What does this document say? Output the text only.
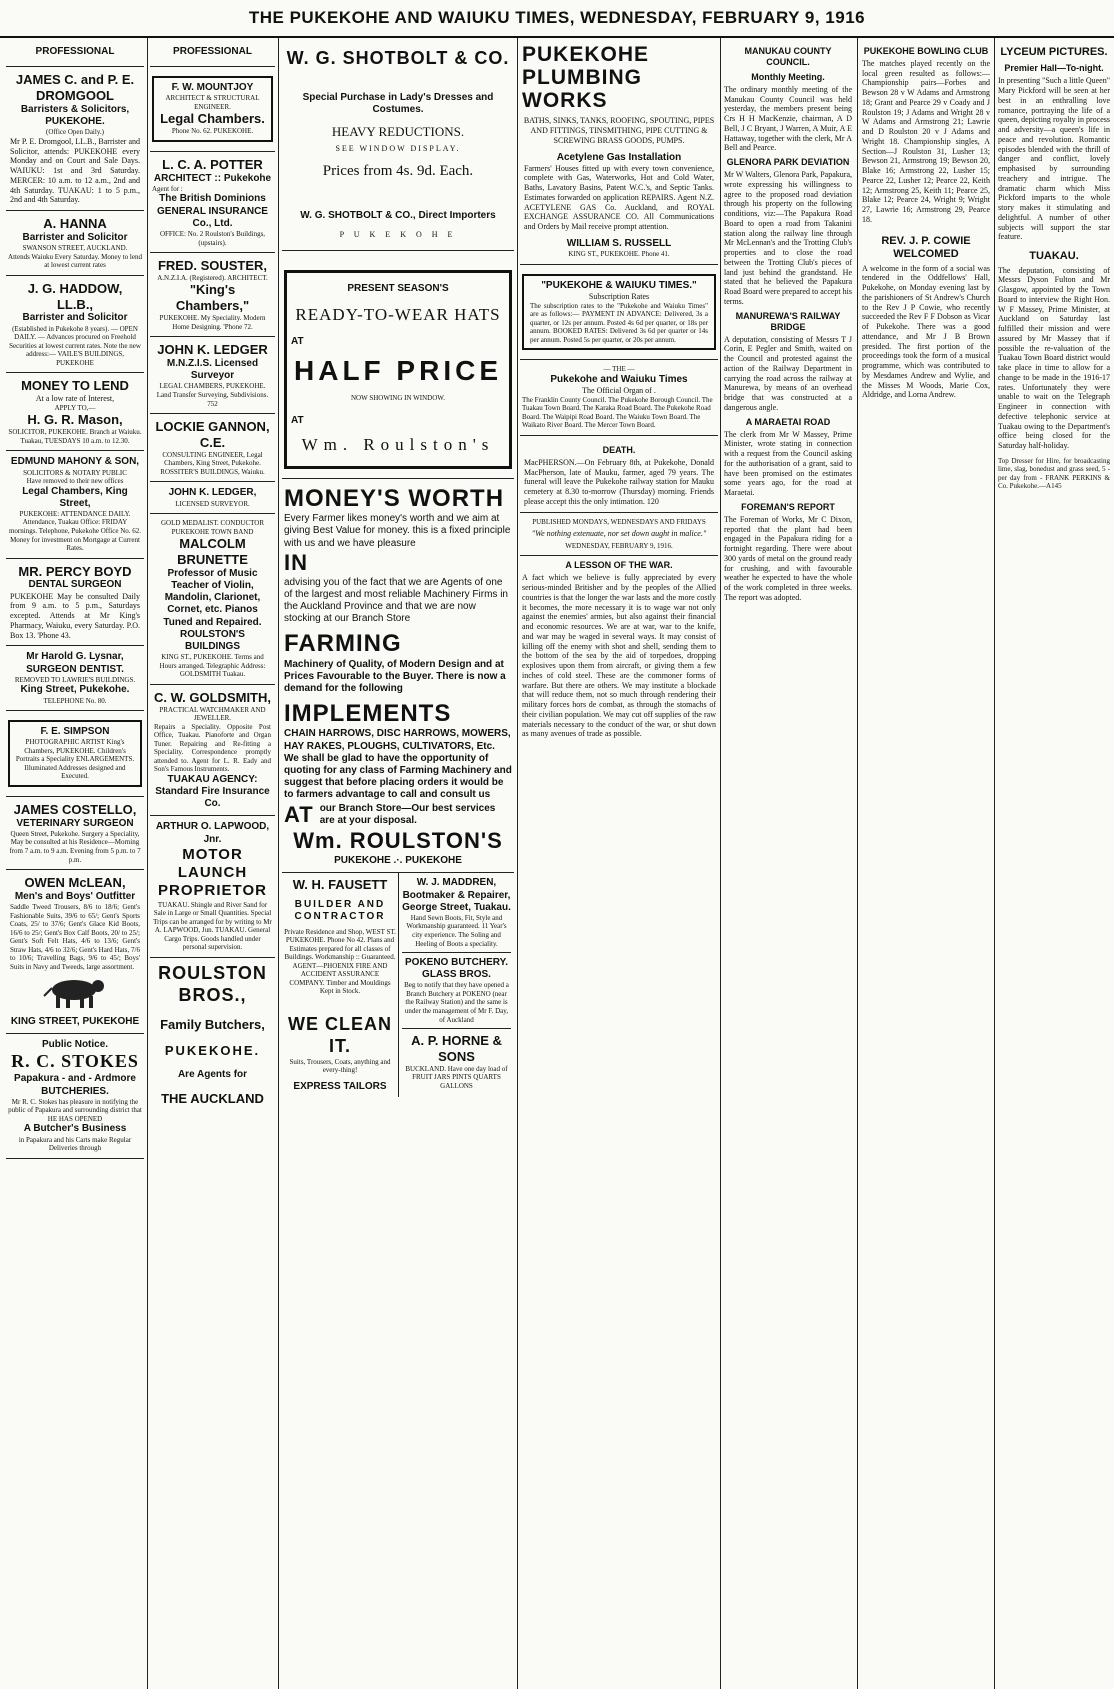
THE PUKEKOHE AND WAIUKU TIMES, WEDNESDAY, FEBRUARY 9, 1916
PROFESSIONAL
JAMES C. and P. E. DROMGOOL
Barristers & Solicitors, PUKEKOHE.
(Office Open Daily.)
Mr P. E. Dromgool, LL.B., Barrister and Solicitor, attends: PUKEKOHE every Monday and on Court and Sale Days. WAIUKU: 1st and 3rd Saturday. MERCER: 10 a.m. to 12 a.m., 2nd and 4th Saturday. TUAKAU: 1 to 5 p.m., 2nd and 4th Saturday.
A. HANNA
Barrister and Solicitor
SWANSON STREET, AUCKLAND.
Attends Waiuku Every Saturday. Money to lend at lowest current rates
J. G. HADDOW, LL.B.,
Barrister and Solicitor
(Established in Pukekohe 8 years). — OPEN DAILY. — Advances procured on Freehold Securities at lowest current rates. Note the new address:— VAILE'S BUILDINGS, PUKEKOHE
MONEY TO LEND
At a low rate of Interest,
APPLY TO,—
H. G. R. Mason,
SOLICITOR, PUKEKOHE. Branch at Waiuku. Tuakau, TUESDAYS 10 a.m. to 12.30.
EDMUND MAHONY & SON,
SOLICITORS & NOTARY PUBLIC
Have removed to their new offices
Legal Chambers, King Street,
PUKEKOHE: ATTENDANCE DAILY. Attendance, Tuakau Office: FRIDAY mornings. Telephone, Pukekohe Office No. 62. Money for investment on Mortgage at Current Rates.
MR. PERCY BOYD
DENTAL SURGEON
PUKEKOHE May be consulted Daily from 9 a.m. to 5 p.m., Saturdays excepted. Attends at Mr King's Pharmacy, Waiuku, every Saturday. P.O. Box 13. 'Phone 43.
Mr Harold G. Lysnar,
SURGEON DENTIST.
REMOVED TO LAWRIE'S BUILDINGS.
King Street, Pukekohe.
TELEPHONE No. 80.
F. E. SIMPSON
PHOTOGRAPHIC ARTIST King's Chambers, PUKEKOHE. Children's Portraits a Speciality ENLARGEMENTS. Illuminated Addresses designed and Executed.
JAMES COSTELLO,
VETERINARY SURGEON
Queen Street, Pukekohe. Surgery a Speciality, May be consulted at his Residence—Morning from 7 a.m. to 9 a.m. Evening from 5 p.m. to 7 p.m.
OWEN McLEAN,
Men's and Boys' Outfitter
Saddle Tweed Trousers, 8/6 to 18/6; Gent's Fashionable Suits, 39/6 to 65/; Gent's Sports Coats, 25/ to 37/6; Gent's Glace Kid Boots, 16/6 to 25/; Gent's Box Calf Boots, 20/ to 25/; Gent's Soft Felt Hats, 4/6 to 13/6; Gent's Straw Hats, 4/6 to 32/6; Gent's Hard Hats, 7/6 to 10/6; Travelling Bags, 9/6 to 45/; Boys' Suits in Navy and Tweeds, large assortment.
KING STREET, PUKEKOHE
Public Notice.
R. C. STOKES
Papakura - and - Ardmore BUTCHERIES.
Mr R. C. Stokes has pleasure in notifying the public of Papakura and surrounding district that HE HAS OPENED
A Butcher's Business
in Papakura and his Carts make Regular Deliveries through
PROFESSIONAL
F. W. MOUNTJOY
ARCHITECT & STRUCTURAL ENGINEER.
Legal Chambers.
Phone No. 62. PUKEKOHE.
L. C. A. POTTER
ARCHITECT :: Pukekohe
Agent for :
The British Dominions GENERAL INSURANCE Co., Ltd.
OFFICE: No. 2 Roulston's Buildings, (upstairs).
FRED. SOUSTER,
A.N.Z.I.A. (Registered). ARCHITECT.
"King's Chambers,"
PUKEKOHE. My Speciality. Modern Home Designing. 'Phone 72.
JOHN K. LEDGER
M.N.Z.I.S. Licensed Surveyor
LEGAL CHAMBERS, PUKEKOHE. Land Transfer Surveying, Subdivisions. 752
LOCKIE GANNON, C.E.
CONSULTING ENGINEER, Legal Chambers, King Street, Pukekohe. ROSSITER'S BUILDINGS, Waiuku.
JOHN K. LEDGER,
LICENSED SURVEYOR.
GOLD MEDALIST. CONDUCTOR PUKEKOHE TOWN BAND
MALCOLM BRUNETTE
Professor of Music Teacher of Violin, Mandolin, Clarionet, Cornet, etc. Pianos Tuned and Repaired.
ROULSTON'S BUILDINGS
KING ST., PUKEKOHE. Terms and Hours arranged. Telegraphic Address: GOLDSMITH Tuakau.
C. W. GOLDSMITH,
PRACTICAL WATCHMAKER AND JEWELLER.
Repairs a Speciality. Opposite Post Office, Tuakau. Pianoforte and Organ Tuner. Repairing and Re-fitting a Speciality. Correspondence promptly attended to. Agent for L. R. Eady and Son's Famous Instruments.
TUAKAU AGENCY: Standard Fire Insurance Co.
ARTHUR O. LAPWOOD, Jnr.
MOTOR LAUNCH PROPRIETOR
TUAKAU. Shingle and River Sand for Sale in Large or Small Quantities. Special Trips can be arranged for by writing to Mr A. LAPWOOD, Jun. TUAKAU. General Cargo Trips. Goods handled under personal supervision.
ROULSTON BROS.,
Family Butchers,
PUKEKOHE.
Are Agents for
THE AUCKLAND
W. G. SHOTBOLT & CO.
Special Purchase in Lady's Dresses and Costumes.
HEAVY REDUCTIONS.
SEE WINDOW DISPLAY.
Prices from 4s. 9d. Each.
W. G. SHOTBOLT & CO., Direct Importers
P U K E K O H E
PRESENT SEASON'S
READY-TO-WEAR HATS
AT
HALF PRICE
NOW SHOWING IN WINDOW.
AT
Wm. Roulston's
MONEY'S WORTH
Every Farmer likes money's worth and we aim at giving Best Value for money. this is a fixed principle with us and we have pleasure
IN
advising you of the fact that we are Agents of one of the largest and most reliable Machinery Firms in the Auckland Province and that we are now stocking at our Branch Store
FARMING
Machinery of Quality, of Modern Design and at Prices Favourable to the Buyer. There is now a demand for the following
IMPLEMENTS
CHAIN HARROWS, DISC HARROWS, MOWERS, HAY RAKES, PLOUGHS, CULTIVATORS, Etc.
We shall be glad to have the opportunity of quoting for any class of Farming Machinery and suggest that before placing orders it would be to farmers advantage to call and consult us
AT our Branch Store—Our best services are at your disposal.
Wm. ROULSTON'S
PUKEKOHE .·. PUKEKOHE
W. H. FAUSETT
BUILDER AND CONTRACTOR
Private Residence and Shop, WEST ST. PUKEKOHE. Phone No 42. Plans and Estimates prepared for all classes of Buildings. Workmanship :: Guaranteed. AGENT—PHOENIX FIRE AND ACCIDENT ASSURANCE COMPANY. Timber and Mouldings Kept in Stock.
WE CLEAN IT.
Suits, Trousers, Coats, anything and every-thing!
EXPRESS TAILORS
W. J. MADDREN,
Bootmaker & Repairer, George Street, Tuakau.
Hand Sewn Boots, Fit, Style and Workmanship guaranteed. 11 Year's city experience. The Soling and Heeling of Boots a speciality.
POKENO BUTCHERY.
GLASS BROS.
Beg to notify that they have opened a Branch Butchery at POKENO (near the Railway Station) and the same is under the management of Mr F. Day, of Auckland
A. P. HORNE & SONS
BUCKLAND. Have one day load of FRUIT JARS PINTS QUARTS GALLONS
PUKEKOHE PLUMBING WORKS
BATHS, SINKS, TANKS, ROOFING, SPOUTING, PIPES AND FITTINGS, TINSMITHING, PIPE CUTTING & SCREWING BRASS GOODS, PUMPS.
Acetylene Gas Installation
Farmers' Houses fitted up with every town convenience, complete with Gas, Waterworks, Hot and Cold Water, Baths, Lavatory Basins, Patent W.C.'s, and Septic Tanks. Estimates forwarded on application REPAIRS. Agent N.Z. ACETYLENE GAS Co. Auckland, and ROYAL EXCHANGE ASSURANCE CO. All Communications and Orders by Mail receive prompt attention.
WILLIAM S. RUSSELL
KING ST., PUKEKOHE. Phone 41.
"PUKEKOHE & WAIUKU TIMES."
Subscription Rates
The subscription rates to the "Pukekohe and Waiuku Times" are as follows:— PAYMENT IN ADVANCE: Delivered, 3s a quarter, or 12s per annum. Posted 4s 6d per quarter, or 18s per annum. BOOKED RATES: Delivered 3s 6d per quarter or 14s per annum. Posted 5s per quarter, or 20s per annum.
— THE —
Pukekohe and Waiuku Times
The Official Organ of .
The Franklin County Council. The Pukekohe Borough Council. The Tuakau Town Board. The Karaka Road Board. The Pukekohe Road Board. The Waipipi Road Board. The Waiuku Town Board. The Waikato River Board. The Mercer Town Board.
DEATH.
MacPHERSON.—On February 8th, at Pukekohe, Donald MacPherson, late of Mauku, farmer, aged 79 years. The funeral will leave the Pukekohe railway station for Mauku cemetery at 8.30 to-morrow (Thursday) morning. Friends please accept this the only intimation. 120
PUBLISHED MONDAYS, WEDNESDAYS AND FRIDAYS
"We nothing extenuate, nor set down aught in malice."
WEDNESDAY, FEBRUARY 9, 1916.
A LESSON OF THE WAR.
A fact which we believe is fully appreciated by every serious-minded Britisher and by the peoples of the Allied countries is that the longer the war lasts and the more costly it becomes, the more necessary it is to wage war not only against the enemies' armies, but also against their financial and economic resources. We are at war, war to the knife, and war may be waged in several ways. It may consist of killing off the enemy with shot and shell, sending them to the bottom of the sea by the aid of torpedoes, dropping explosives upon them from aircraft, or giving them a few inches of cold steel. These are the commoner forms of warfare. But there are others. We may institute a blockade that will reduce them, not so much through rendering their military forces hors de combat, as through the stomachs of their civilian population. We may cut off supplies of the raw materials necessary to the conduct of the war, or shut down as many avenues of trade as possible.
MANUKAU COUNTY COUNCIL.
Monthly Meeting.
The ordinary monthly meeting of the Manukau County Council was held yesterday, the members present being Crs H H MacKenzie, chairman, A D Bell, J C Bryant, J Warren, A Muir, A E Hattaway, together with the clerk, Mr A Bell and Pearce.
GLENORA PARK DEVIATION
Mr W Walters, Glenora Park, Papakura, wrote expressing his willingness to agree to the proposed road deviation through his property on the following conditions, viz:—The Papakura Road Board to open a road from Takanini station along the railway line through Mr McLennan's and the Trotting Club's properties and to close the road between the Trotting Club's pieces of land just behind the grandstand. He stated that he believed the Papakura Road Board were prepared to accept his terms.
MANUREWA'S RAILWAY BRIDGE
A deputation, consisting of Messrs T J Corin, E Pegler and Smith, waited on the Council and protested against the action of the Railway Department in carrying the road across the railway at Manurewa, by means of an overhead bridge that was constructed at a dangerous angle.
A MARAETAI ROAD
The clerk from Mr W Massey, Prime Minister, wrote stating in connection with a request from the Council asking for the authorisation of a grant, said to have been promised on the estimates some years ago, for the road at Maraetai.
FOREMAN'S REPORT
The Foreman of Works, Mr C Dixon, reported that the plant had been engaged in the Papakura riding for a fortnight regarding. There were about 300 yards of metal on the ground ready for crushing, and with favourable weather he expected to have the whole of the work completed in three weeks. The report was adopted.
PUKEKOHE BOWLING CLUB
The matches played recently on the local green resulted as follows:— Championship pairs—Forbes and Bewson 28 v W Adams and Armstrong 18; Grant and Pearce 29 v Coady and J Roulston 19; J Adams and Wright 28 v W Adams and Armstrong 21; Lawrie and D Roulston 20 v J Adams and Wright 18. Championship singles, A Section—J Roulston 31, Lusher 13; Bewson 21, Armstrong 19; Bewson 20, Blake 16; Armstrong 22, Lusher 15; Pearce 22, Lusher 12; Pearce 22, Keith 12; Armstrong 25, Keith 11; Pearce 25, Blake 12; Pearce 24, Wright 9; Wright 27, Lawrie 16; Armstrong 29, Pearce 18.
REV. J. P. COWIE WELCOMED
A welcome in the form of a social was tendered in the Oddfellows' Hall, Pukekohe, on Monday evening last by the parishioners of St Andrew's Church to the Rev J P Cowie, who recently succeeded the Rev F F Dobson as Vicar of Pukekohe. There was a good attendance, and Mr J B Brown presided. The first portion of the proceedings took the form of a musical programme, which was contributed to by Mesdames Andrew and Wylie, and the Misses M Woods, Marie Cox, Aldridge, and Lorna Andrew.
LYCEUM PICTURES.
Premier Hall—To-night.
In presenting "Such a little Queen" Mary Pickford will be seen at her best in an enthralling love romance, portraying the life of a queen, depicting royalty in process and adversity—a queen's life in peace and revolution. Romantic episodes blended with the thrill of danger and conflict, lovely emphasised by surrounding treachery and intrigue. The dramatic charm which Miss Pickford imparts to the whole story makes it stimulating and delightful. A number of other subjects will support the star feature.
TUAKAU.
The deputation, consisting of Messrs Dyson Fulton and Mr Glasgow, appointed by the Town Board to interview the Right Hon. W F Massey, Prime Minister, at Auckland on Saturday last fulfilled their mission and were assured by Mr Massey that if possible the re-valuation of the Tuakau Town Board district would take place in time to allow for a change to be made in the 1916-17 rates. Unfortunately they were unable to wait on the Telegraph Engineer in connection with defective telephonic service at Tuakau owing to the Department's office being closed for the Saturday half-holiday.
Top Dresser for Hire, for broadcasting lime, slag, bonedust and grass seed, 5 - per day from - FRANK PERKINS & Co. Pukekohe.—A145
